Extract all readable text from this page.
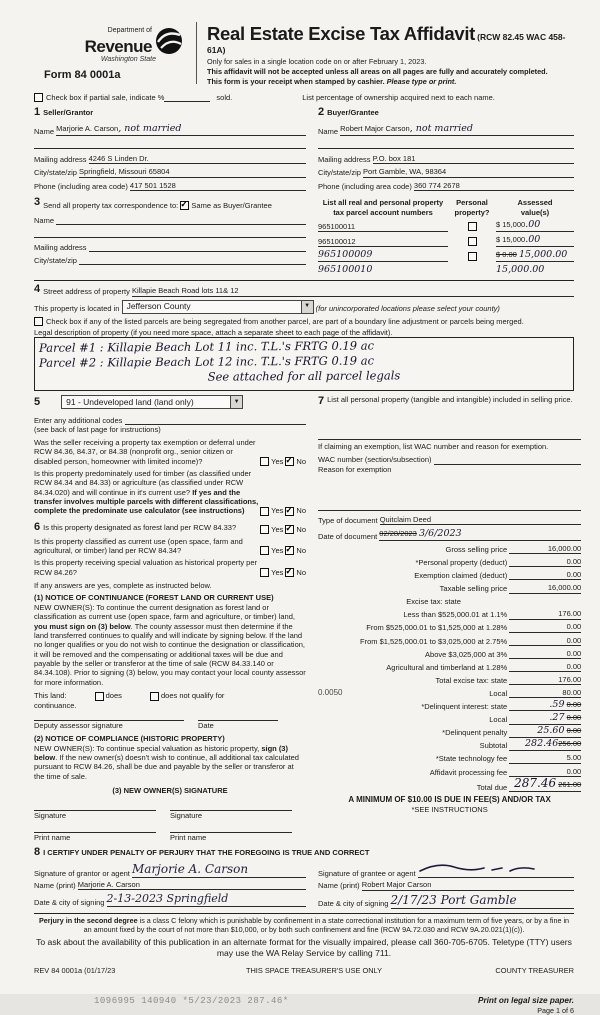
Department of
Revenue
Washington State
Form 84 0001a
Real Estate Excise Tax Affidavit (RCW 82.45 WAC 458-61A)
Only for sales in a single location code on or after February 1, 2023.
This affidavit will not be accepted unless all areas on all pages are fully and accurately completed.
This form is your receipt when stamped by cashier. Please type or print.
Check box if partial sale, indicate %	sold.	List percentage of ownership acquired next to each name.
1 Seller/Grantor
Name
Marjorie A. Carson, not married
Mailing address
4246 S Linden Dr.
City/state/zip
Springfield, Missouri 65804
Phone (including area code)
417 501 1528
2 Buyer/Grantee
Name
Robert Major Carson, not married
Mailing address
P.O. box 181
City/state/zip
Port Gamble, WA, 98364
Phone (including area code)
360 774 2678
3 Send all property tax correspondence to:
✓
Same as Buyer/Grantee
Name

Mailing address

City/state/zip

List all real and personal property tax parcel account numbers
Personal
property?
Assessed
value(s)
965100011	$ 15,000.00
965100012	$ 15,000.00
965100009	$ 0.00 15,000.00
965100010	15,000.00
4 Street address of property
Killapie Beach Road lots 11& 12
This property is located in
Jefferson County	▼
(for unincorporated locations please select your county)
Check box if any of the listed parcels are being segregated from another parcel, are part of a boundary line adjustment or parcels being merged.
Legal description of property (if you need more space, attach a separate sheet to each page of the affidavit).
Parcel #1 : Killapie Beach Lot 11 inc. T.L.'s FRTG 0.19 ac
Parcel #2 : Killapie Beach Lot 12 inc. T.L.'s FRTG 0.19 ac
See attached for all parcel legals
5	91 - Undeveloped land (land only)	▼
Enter any additional codes

(see back of last page for instructions)
Was the seller receiving a property tax exemption or deferral under RCW 84.36, 84.37, or 84.38 (nonprofit org., senior citizen or disabled person, homeowner with limited income)?	Yes ✓ No
Is this property predominately used for timber (as classified under RCW 84.34 and 84.33) or agriculture (as classified under RCW 84.34.020) and will continue in it's current use? If yes and the transfer involves multiple parcels with different classifications, complete the predominate use calculator (see instructions)	Yes ✓ No
6 Is this property designated as forest land per RCW 84.33?	Yes ✓ No
Is this property classified as current use (open space, farm and agricultural, or timber) land per RCW 84.34?	Yes ✓ No
Is this property receiving special valuation as historical property per RCW 84.26?	Yes ✓ No
If any answers are yes, complete as instructed below.
(1) NOTICE OF CONTINUANCE (FOREST LAND OR CURRENT USE)
NEW OWNER(S): To continue the current designation as forest land or classification as current use (open space, farm and agriculture, or timber) land, you must sign on (3) below. The county assessor must then determine if the land transferred continues to qualify and will indicate by signing below. If the land no longer qualifies or you do not wish to continue the designation or classification, it will be removed and the compensating or additional taxes will be due and payable by the seller or transferor at the time of sale (RCW 84.33.140 or 84.34.108). Prior to signing (3) below, you may contact your local county assessor for more information.
This land:
	does
	does not qualify for
continuance.
Deputy assessor signature	Date
(2) NOTICE OF COMPLIANCE (HISTORIC PROPERTY)
NEW OWNER(S): To continue special valuation as historic property, sign (3) below. If the new owner(s) doesn't wish to continue, all additional tax calculated pursuant to RCW 84.26, shall be due and payable by the seller or transferor at the time of sale.
(3) NEW OWNER(S) SIGNATURE
Signature	Signature
Print name	Print name
7 List all personal property (tangible and intangible) included in selling price.
If claiming an exemption, list WAC number and reason for exemption.
WAC number (section/subsection)

Reason for exemption
Type of document
Quitclaim Deed
Date of document
02/28/2023 3/6/2023
Gross selling price	16,000.00
*Personal property (deduct)	0.00
Exemption claimed (deduct)	0.00
Taxable selling price	16,000.00
Excise tax: state
Less than $525,000.01 at 1.1%	176.00
From $525,000.01 to $1,525,000 at 1.28%	0.00
From $1,525,000.01 to $3,025,000 at 2.75%	0.00
Above $3,025,000 at 3%	0.00
Agricultural and timberland at 1.28%	0.00
Total excise tax: state	176.00
0.0050	Local	80.00
*Delinquent interest: state	.59 0.00
Local	.27 0.00
*Delinquent penalty	25.60 0.00
Subtotal	282.46256.00
*State technology fee	5.00
Affidavit processing fee	0.00
Total due 287.46 261.00
A MINIMUM OF $10.00 IS DUE IN FEE(S) AND/OR TAX
*SEE INSTRUCTIONS
8 I CERTIFY UNDER PENALTY OF PERJURY THAT THE FOREGOING IS TRUE AND CORRECT
Signature of grantor or agent
Marjorie A. Carson
Name (print)
Marjorie A. Carson
Date & city of signing
2-13-2023 Springfield
Signature of grantee or agent

Name (print)
Robert Major Carson
Date & city of signing
2/17/23 Port Gamble
Perjury in the second degree is a class C felony which is punishable by confinement in a state correctional institution for a maximum term of five years, or by a fine in an amount fixed by the court of not more than $10,000, or by both such confinement and fine (RCW 9A.72.030 and RCW 9A.20.021(1)(c)).
To ask about the availability of this publication in an alternate format for the visually impaired, please call 360-705-6705. Teletype (TTY) users may use the WA Relay Service by calling 711.
REV 84 0001a (01/17/23	THIS SPACE TREASURER'S USE ONLY	COUNTY TREASURER
1096995 140940 *5/23/2023 287.46*	Print on legal size paper.
Page 1 of 6
